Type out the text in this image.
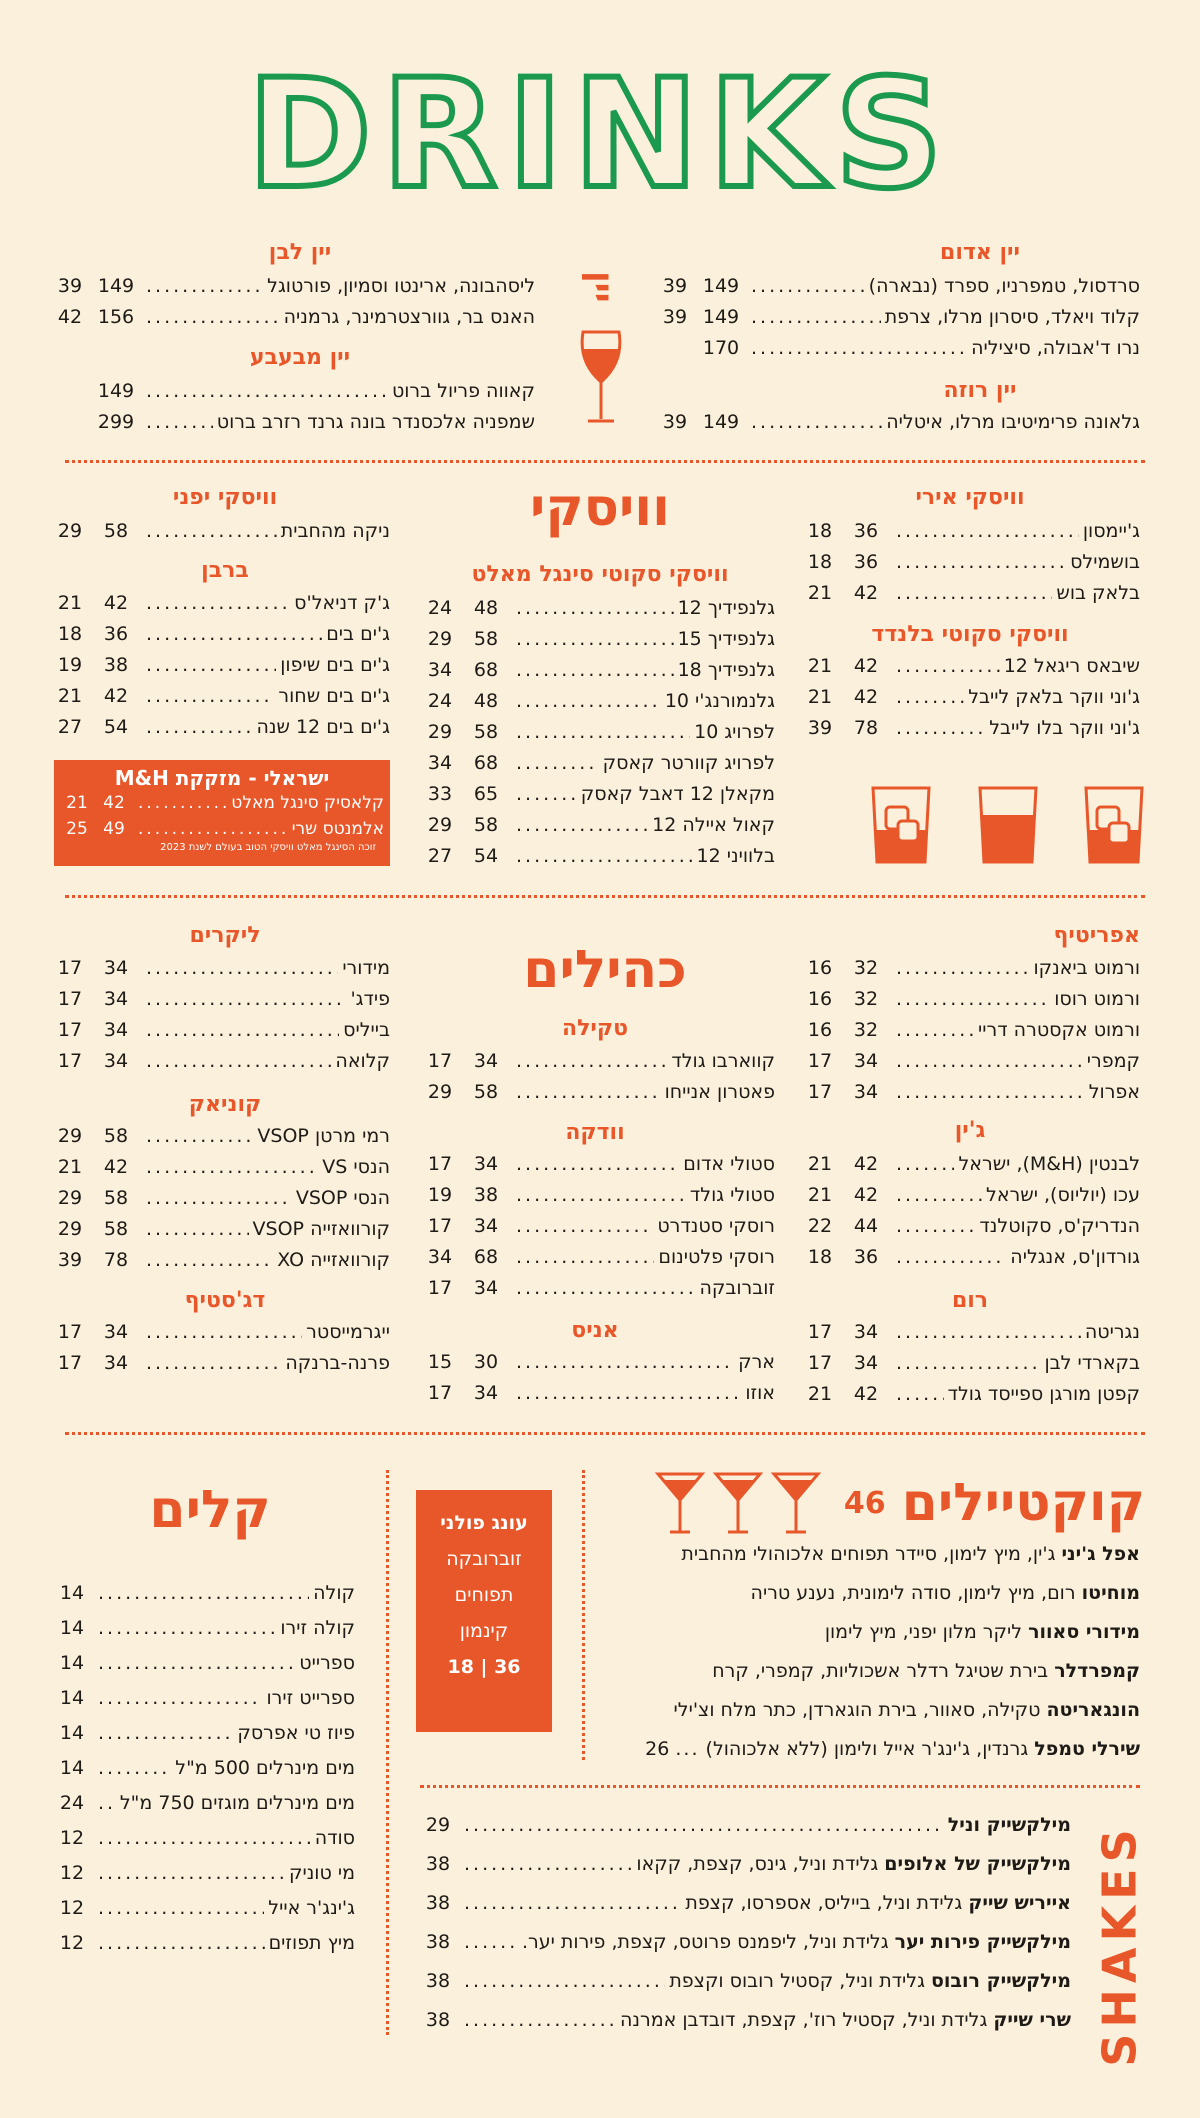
DRINKS
יין אדום
סרדסול, טמפרניו, ספרד (נבארה)
.....
149
39
קלוד ויאלד, סיסרון מרלו, צרפת
.....
149
39
נרו ד'אבולה, סיציליה
.....
170
יין רוזה
גלאונה פרימיטיבו מרלו, איטליה
.....
149
39
יין
יין לבן
ליסהבונה, ארינטו וסמיון, פורטוגל
.....
149
39
האנס בר, גוורצטרמינר, גרמניה
.....
156
42
יין מבעבע
קאווה פריול ברוט
.....
149
שמפניה אלכסנדר בונה גרנד רזרב ברוט
.....
299
וויסקי	וויסקי אירי
ג'יימסון
.....
36
18
בושמילס
.....
36
18
בלאק בוש
.....
42
21
וויסקי סקוטי בלנדד
שיבאס ריגאל 12
.....
42
21
ג'וני ווקר בלאק לייבל
.....
42
21
ג'וני ווקר בלו לייבל
.....
78
39
וויסקי סקוטי סינגל מאלט
גלנפידיך 12
.....
48
24
גלנפידיך 15
.....
58
29
גלנפידיך 18
.....
68
34
גלנמורנג'י 10
.....
48
24
לפרויג 10
.....
58
29
לפרויג קוורטר קאסק
.....
68
34
מקאלן 12 דאבל קאסק
.....
65
33
קאול איילה 12
.....
58
29
בלוויני 12
.....
54
27
וויסקי יפני
ניקה מהחבית
.....
58
29
ברבן
ג'ק דניאל'ס
.....
42
21
ג'ים בים
.....
36
18
ג'ים בים שיפון
.....
38
19
ג'ים בים שחור
.....
42
21
ג'ים בים 12 שנה
.....
54
27
ישראלי - מזקקת M&H
קלאסיק סינגל מאלט
.....
42
21
אלמנטס שרי
.....
49
25
זוכה הסינגל מאלט וויסקי הטוב בעולם לשנת 2023
כהילים
אפריטיף
ורמוט ביאנקו
.....
32
16
ורמוט רוסו
.....
32
16
ורמוט אקסטרה דריי
.....
32
16
קמפרי
.....
34
17
אפרול
.....
34
17
ג'ין
לבנטין (M&H), ישראל
.....
42
21
עכו (יוליוס), ישראל
.....
42
21
הנדריק'ס, סקוטלנד
.....
44
22
גורדון'ס, אנגליה
.....
36
18
רום
נגריטה
.....
34
17
בקארדי לבן
.....
34
17
קפטן מורגן ספייסד גולד
.....
42
21
טקילה
קווארבו גולד
.....
34
17
פאטרון אנייחו
.....
58
29
וודקה
סטולי אדום
.....
34
17
סטולי גולד
.....
38
19
רוסקי סטנדרט
.....
34
17
רוסקי פלטינום
.....
68
34
זוברובקה
.....
34
17
אניס
ארק
.....
30
15
אוזו
.....
34
17
ליקרים
מידורי
.....
34
17
פידג'
.....
34
17
בייליס
.....
34
17
קלואה
.....
34
17
קוניאק
רמי מרטן VSOP
.....
58
29
הנסי VS
.....
42
21
הנסי VSOP
.....
58
29
קורוואזייה VSOP
.....
58
29
קורוואזייה XO
.....
78
39
דג'סטיף
ייגרמייסטר
.....
34
17
פרנה-ברנקה
.....
34
17
קוקטיילים
46
אפל ג'יני ג'ין, מיץ לימון, סיידר תפוחים אלכוהולי מהחבית
מוחיטו רום, מיץ לימון, סודה לימונית, נענע טריה
מידורי סאוור ליקר מלון יפני, מיץ לימון
קמפרדלר בירת שטיגל רדלר אשכוליות, קמפרי, קרח
הונגאריטה טקילה, סאוור, בירת הוגארדן, כתר מלח וצ'ילי
שירלי טמפל גרנדין, ג'ינג'ר אייל ולימון (ללא אלכוהול) ... 26
עונג פולני
זוברובקה
תפוחים
קינמון
18 | 36
קלים
קולה
.....
14
קולה זירו
.....
14
ספרייט
.....
14
ספרייט זירו
.....
14
פיוז טי אפרסק
.....
14
מים מינרלים 500 מ"ל
.....
14
מים מינרלים מוגזים 750 מ"ל
.....
24
סודה
.....
12
מי טוניק
.....
12
ג'ינג'ר אייל
.....
12
מיץ תפוזים
.....
12
מילקשייק וניל
.....
29
מילקשייק של אלופים גלידת וניל, גינס, קצפת, קקאו
.....
38
אייריש שייק גלידת וניל, בייליס, אספרסו, קצפת
.....
38
מילקשייק פירות יער גלידת וניל, ליפמנס פרוטס, קצפת, פירות יער.
.....
38
מילקשייק רובוס גלידת וניל, קסטיל רובוס וקצפת
.....
38
שרי שייק גלידת וניל, קסטיל רוז', קצפת, דובדבן אמרנה
.....
38	SHAKES
